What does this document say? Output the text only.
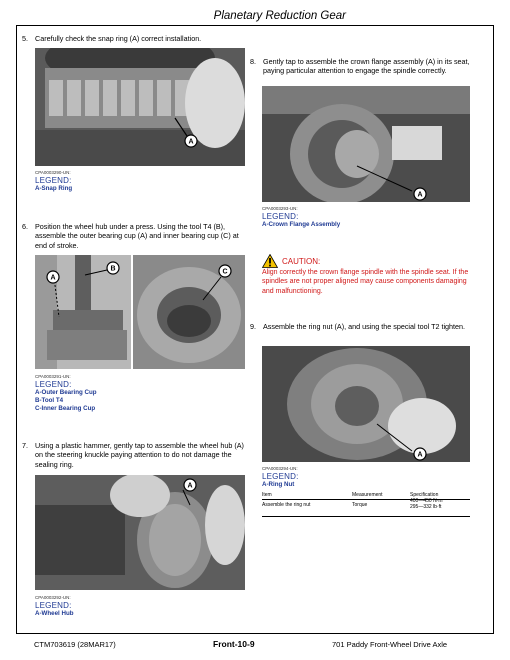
Planetary Reduction Gear
5. Carefully check the snap ring (A) correct installation.
A
CPA0003290-UN:
LEGEND:
A-Snap Ring
6. Position the wheel hub under a press. Using the tool T4 (B), assemble the outer bearing cup (A) and inner bearing cup (C) at end of stroke.
A
B	C
CPA0003291-UN:
LEGEND:
A-Outer Bearing Cup
B-Tool T4
C-Inner Bearing Cup
7. Using a plastic hammer, gently tap to assemble the wheel hub (A) on the steering knuckle paying attention to do not damage the sealing ring.
A
CPA0003292-UN:
LEGEND:
A-Wheel Hub
8. Gently tap to assemble the crown flange assembly (A) in its seat, paying particular attention to engage the spindle correctly.
A
CPA0003293-UN:
LEGEND:
A-Crown Flange Assembly
CAUTION:
Align correctly the crown flange spindle with the spindle seat. If the spindles are not proper aligned may cause components damaging and malfunctioning.
9. Assemble the ring nut (A), and using the special tool T2 tighten.
A
CPA0003294-UN:
LEGEND:
A-Ring Nut
Item	Measurement	Specification
Assemble the ring nut	Torque
400—450 N·m
295—332 lb·ft
CTM703619 (28MAR17)	Front-10-9	701 Paddy Front-Wheel Drive Axle
